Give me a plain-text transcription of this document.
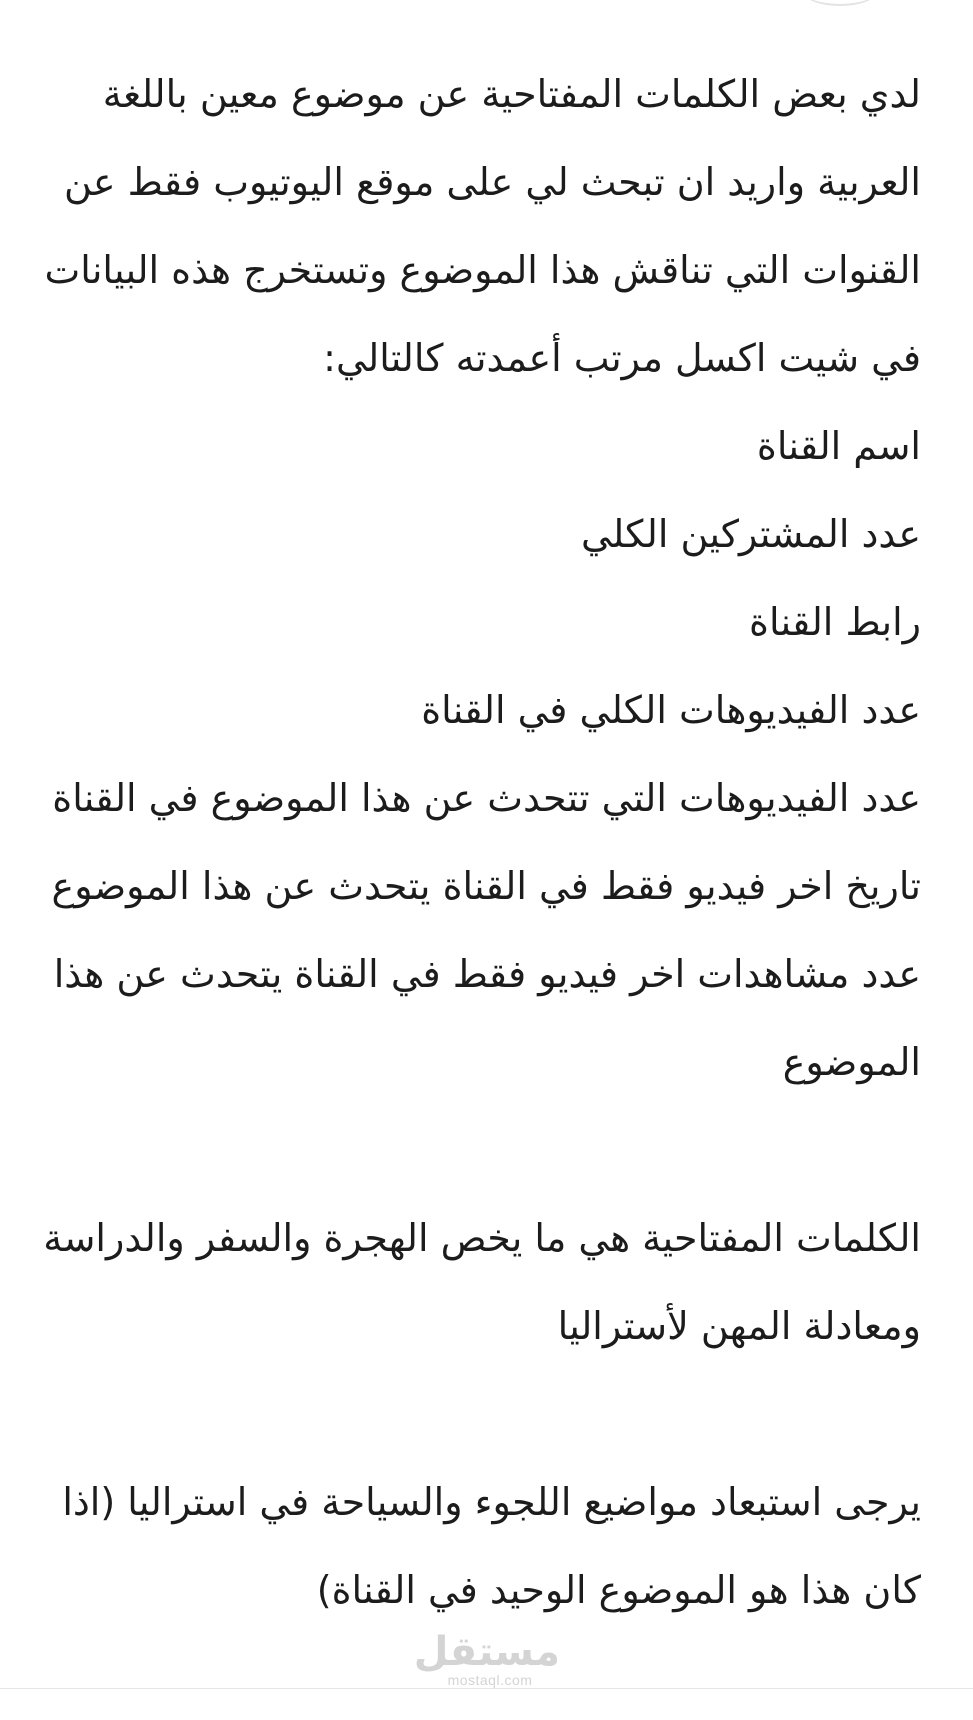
لدي بعض الكلمات المفتاحية عن موضوع معين باللغة
العربية واريد ان تبحث لي على موقع اليوتيوب فقط عن
القنوات التي تناقش هذا الموضوع وتستخرج هذه البيانات
في شيت اكسل مرتب أعمدته كالتالي:
اسم القناة
عدد المشتركين الكلي
رابط القناة
عدد الفيديوهات الكلي في القناة
عدد الفيديوهات التي تتحدث عن هذا الموضوع في القناة
تاريخ اخر فيديو فقط في القناة يتحدث عن هذا الموضوع
عدد مشاهدات اخر فيديو فقط في القناة يتحدث عن هذا
الموضوع
الكلمات المفتاحية هي ما يخص الهجرة والسفر والدراسة
ومعادلة المهن لأستراليا
يرجى استبعاد مواضيع اللجوء والسياحة في استراليا (اذا
كان هذا هو الموضوع الوحيد في القناة)
مستقل
mostaql.com
